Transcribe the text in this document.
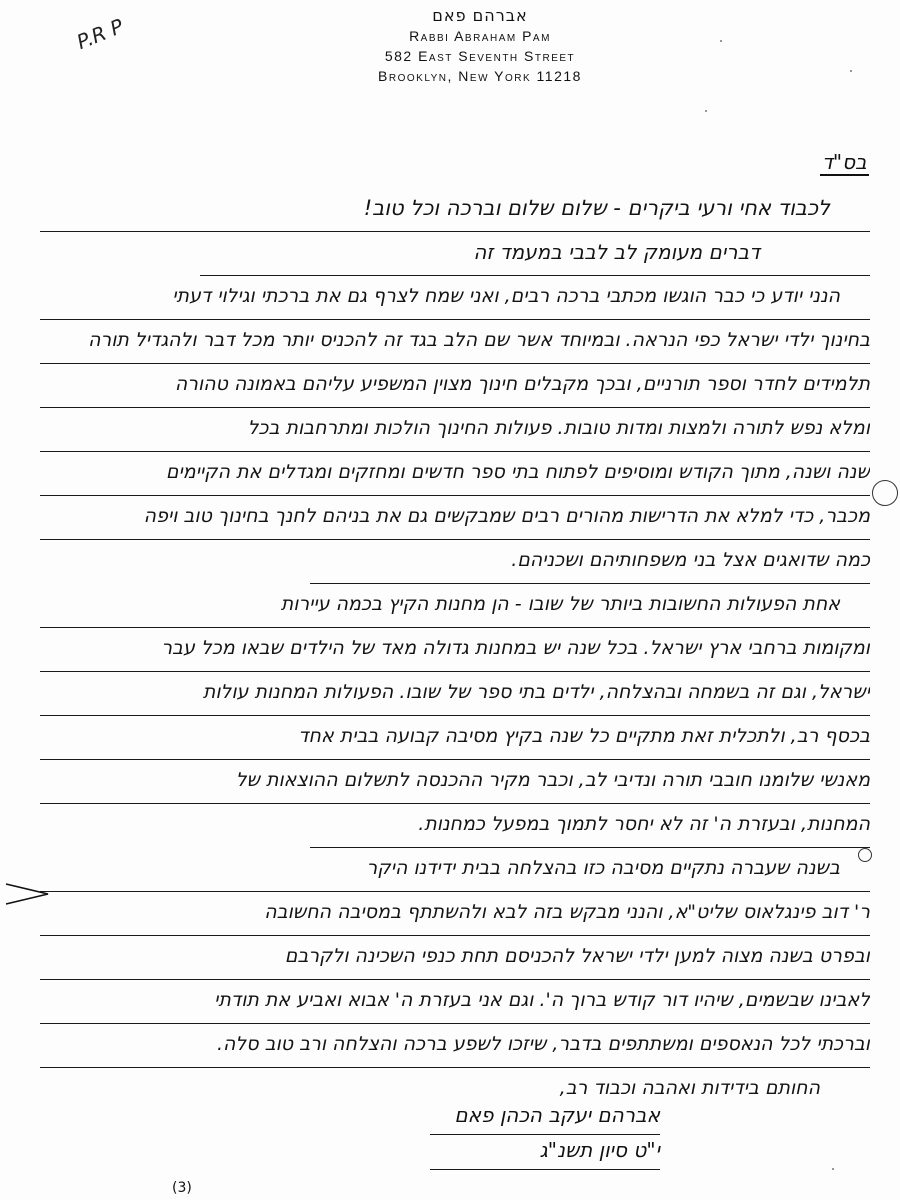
אברהם פאם
Rabbi Abraham Pam
582 East Seventh Street
Brooklyn, New York 11218
P.R P
בס"ד
לכבוד אחי ורעי ביקרים - שלום שלום וברכה וכל טוב!
דברים מעומק לב לבבי במעמד זה
הנני יודע כי כבר הוגשו מכתבי ברכה רבים, ואני שמח לצרף גם את ברכתי וגילוי דעתי
בחינוך ילדי ישראל כפי הנראה. ובמיוחד אשר שם הלב בגד זה להכניס יותר מכל דבר ולהגדיל תורה
תלמידים לחדר וספר תורניים, ובכך מקבלים חינוך מצוין המשפיע עליהם באמונה טהורה
ומלא נפש לתורה ולמצות ומדות טובות. פעולות החינוך הולכות ומתרחבות בכל
שנה ושנה, מתוך הקודש ומוסיפים לפתוח בתי ספר חדשים ומחזקים ומגדלים את הקיימים
מכבר, כדי למלא את הדרישות מהורים רבים שמבקשים גם את בניהם לחנך בחינוך טוב ויפה
כמה שדואגים אצל בני משפחותיהם ושכניהם.
אחת הפעולות החשובות ביותר של שובו - הן מחנות הקיץ בכמה עיירות
ומקומות ברחבי ארץ ישראל. בכל שנה יש במחנות גדולה מאד של הילדים שבאו מכל עבר
ישראל, וגם זה בשמחה ובהצלחה, ילדים בתי ספר של שובו. הפעולות המחנות עולות
בכסף רב, ולתכלית זאת מתקיים כל שנה בקיץ מסיבה קבועה בבית אחד
מאנשי שלומנו חובבי תורה ונדיבי לב, וכבר מקיר ההכנסה לתשלום ההוצאות של
המחנות, ובעזרת ה' זה לא יחסר לתמוך במפעל כמחנות.
בשנה שעברה נתקיים מסיבה כזו בהצלחה בבית ידידנו היקר
ר' דוב פינגלאוס שליט"א, והנני מבקש בזה לבא ולהשתתף במסיבה החשובה
ובפרט בשנה מצוה למען ילדי ישראל להכניסם תחת כנפי השכינה ולקרבם
לאבינו שבשמים, שיהיו דור קודש ברוך ה'. וגם אני בעזרת ה' אבוא ואביע את תודתי
וברכתי לכל הנאספים ומשתתפים בדבר, שיזכו לשפע ברכה והצלחה ורב טוב סלה.
החותם בידידות ואהבה וכבוד רב,
אברהם יעקב הכהן פאם
י"ט סיון תשנ"ג
(3)
